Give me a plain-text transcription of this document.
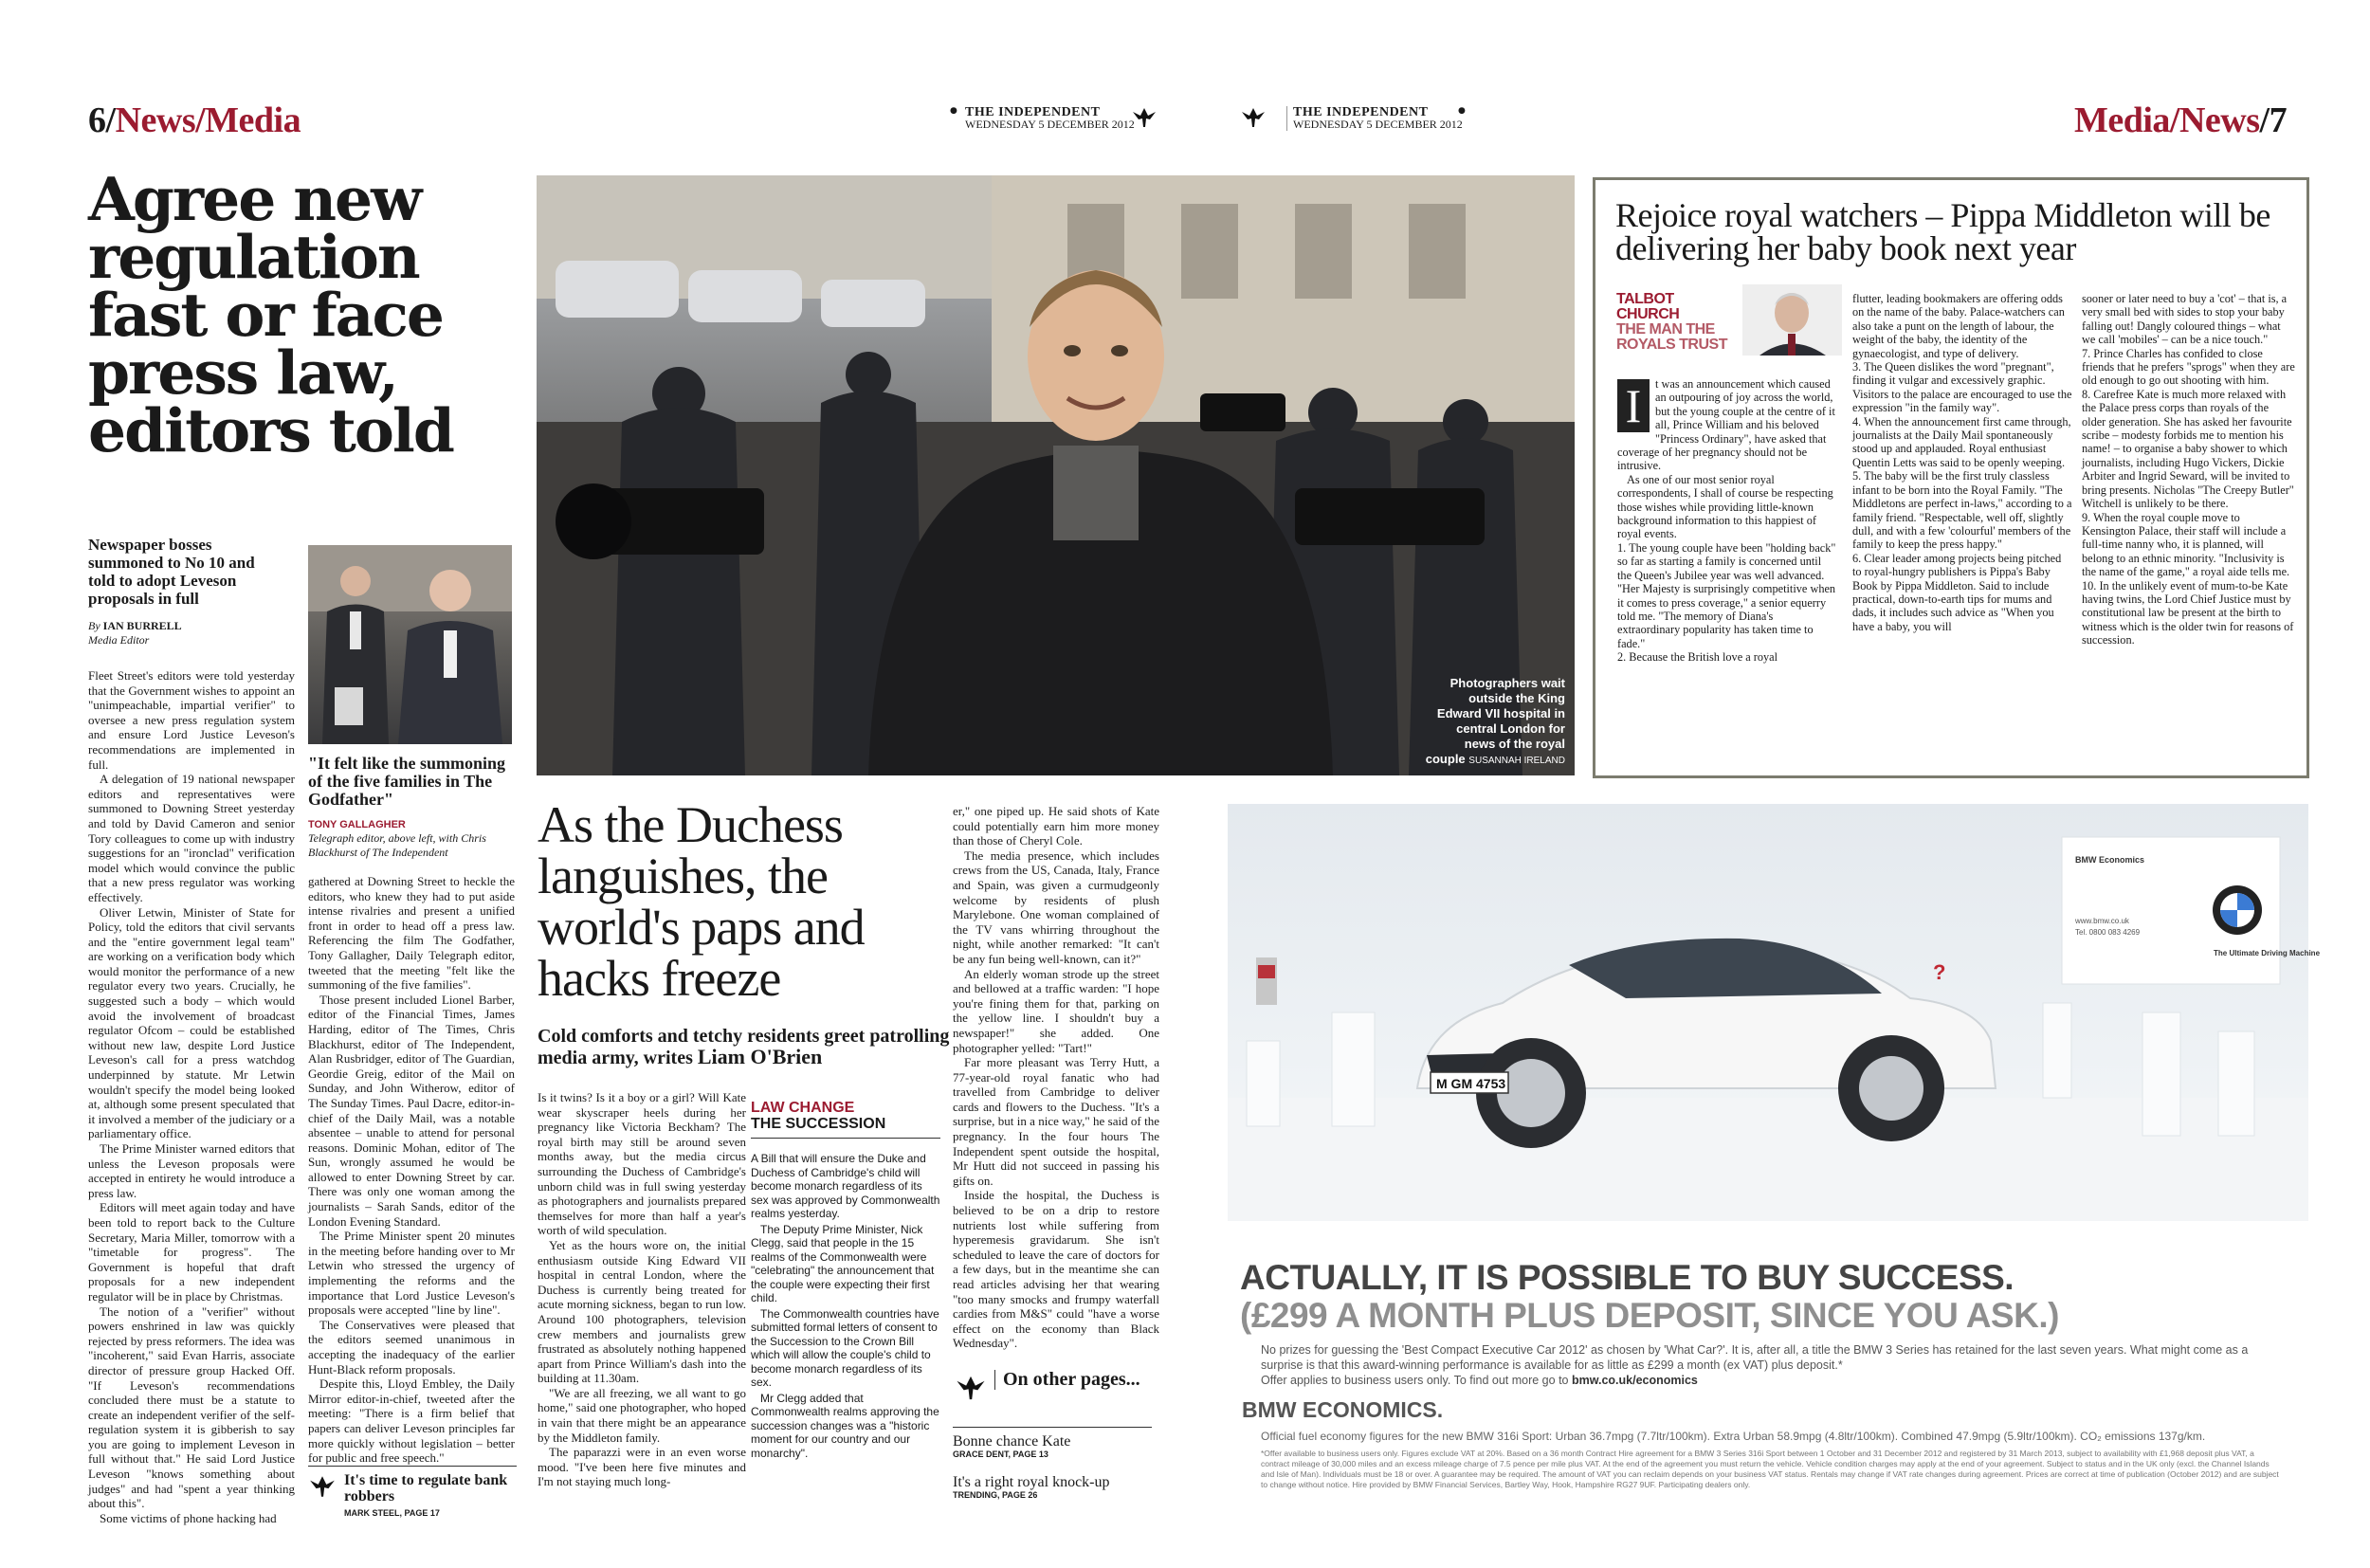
6/News/Media	Media/News/7
● THE INDEPENDENT
WEDNESDAY 5 DECEMBER 2012
THE INDEPENDENT
WEDNESDAY 5 DECEMBER 2012
●
Agree new regulation fast or face press law, editors told
Newspaper bosses summoned to No 10 and told to adopt Leveson proposals in full
By IAN BURRELL
Media Editor
"It felt like the summoning of the five families in The Godfather"
TONY GALLAGHER
Telegraph editor, above left, with Chris Blackhurst of The Independent

Fleet Street's editors were told yesterday that the Government wishes to appoint an "unimpeachable, impartial verifier" to oversee a new press regulation system and ensure Lord Justice Leveson's recommendations are implemented in full.

A delegation of 19 national newspaper editors and representatives were summoned to Downing Street yesterday and told by David Cameron and senior Tory colleagues to come up with industry suggestions for an "ironclad" verification model which would convince the public that a new press regulator was working effectively.

Oliver Letwin, Minister of State for Policy, told the editors that civil servants and the "entire government legal team" are working on a verification body which would monitor the performance of a new regulator every two years. Crucially, he suggested such a body – which would avoid the involvement of broadcast regulator Ofcom – could be established without new law, despite Lord Justice Leveson's call for a press watchdog underpinned by statute. Mr Letwin wouldn't specify the model being looked at, although some present speculated that it involved a member of the judiciary or a parliamentary office.

The Prime Minister warned editors that unless the Leveson proposals were accepted in entirety he would introduce a press law.

Editors will meet again today and have been told to report back to the Culture Secretary, Maria Miller, tomorrow with a "timetable for progress". The Government is hopeful that draft proposals for a new independent regulator will be in place by Christmas.

The notion of a "verifier" without powers enshrined in law was quickly rejected by press reformers. The idea was "incoherent," said Evan Harris, associate director of pressure group Hacked Off. "If Leveson's recommendations concluded there must be a statute to create an independent verifier of the self-regulation system it is gibberish to say you are going to implement Leveson in full without that." He said Lord Justice Leveson "knows something about judges" and had "spent a year thinking about this".

Some victims of phone hacking had

gathered at Downing Street to heckle the editors, who knew they had to put aside intense rivalries and present a unified front in order to head off a press law. Referencing the film The Godfather, Tony Gallagher, Daily Telegraph editor, tweeted that the meeting "felt like the summoning of the five families".

Those present included Lionel Barber, editor of the Financial Times, James Harding, editor of The Times, Chris Blackhurst, editor of The Independent, Alan Rusbridger, editor of The Guardian, Geordie Greig, editor of the Mail on Sunday, and John Witherow, editor of The Sunday Times. Paul Dacre, editor-in-chief of the Daily Mail, was a notable absentee – unable to attend for personal reasons. Dominic Mohan, editor of The Sun, wrongly assumed he would be allowed to enter Downing Street by car. There was only one woman among the journalists – Sarah Sands, editor of the London Evening Standard.

The Prime Minister spent 20 minutes in the meeting before handing over to Mr Letwin who stressed the urgency of implementing the reforms and the importance that Lord Justice Leveson's proposals were accepted "line by line".

The Conservatives were pleased that the editors seemed unanimous in accepting the inadequacy of the earlier Hunt-Black reform proposals.

Despite this, Lloyd Embley, the Daily Mirror editor-in-chief, tweeted after the meeting: "There is a firm belief that papers can deliver Leveson principles far more quickly without legislation – better for public and free speech."

It's time to regulate bank robbers
MARK STEEL, PAGE 17
Photographers wait outside the King Edward VII hospital in central London for news of the royal couple SUSANNAH IRELAND
As the Duchess languishes, the world's paps and hacks freeze
Cold comforts and tetchy residents greet patrolling media army, writes Liam O'Brien

Is it twins? Is it a boy or a girl? Will Kate wear skyscraper heels during her pregnancy like Victoria Beckham? The royal birth may still be around seven months away, but the media circus surrounding the Duchess of Cambridge's unborn child was in full swing yesterday as photographers and journalists prepared themselves for more than half a year's worth of wild speculation.

Yet as the hours wore on, the initial enthusiasm outside King Edward VII hospital in central London, where the Duchess is currently being treated for acute morning sickness, began to run low. Around 100 photographers, television crew members and journalists grew frustrated as absolutely nothing happened apart from Prince William's dash into the building at 11.30am.

"We are all freezing, we all want to go home," said one photographer, who hoped in vain that there might be an appearance by the Middleton family.

The paparazzi were in an even worse mood. "I've been here five minutes and I'm not staying much long-

LAW CHANGE
THE SUCCESSION

A Bill that will ensure the Duke and Duchess of Cambridge's child will become monarch regardless of its sex was approved by Commonwealth realms yesterday.

The Deputy Prime Minister, Nick Clegg, said that people in the 15 realms of the Commonwealth were "celebrating" the announcement that the couple were expecting their first child.

The Commonwealth countries have submitted formal letters of consent to the Succession to the Crown Bill which will allow the couple's child to become monarch regardless of its sex.

Mr Clegg added that Commonwealth realms approving the succession changes was a "historic moment for our country and our monarchy".

er," one piped up. He said shots of Kate could potentially earn him more money than those of Cheryl Cole.

The media presence, which includes crews from the US, Canada, Italy, France and Spain, was given a curmudgeonly welcome by residents of plush Marylebone. One woman complained of the TV vans whirring throughout the night, while another remarked: "It can't be any fun being well-known, can it?"

An elderly woman strode up the street and bellowed at a traffic warden: "I hope you're fining them for that, parking on the yellow line. I shouldn't buy a newspaper!" she added. One photographer yelled: "Tart!"

Far more pleasant was Terry Hutt, a 77-year-old royal fanatic who had travelled from Cambridge to deliver cards and flowers to the Duchess. "It's a surprise, but in a nice way," he said of the pregnancy. In the four hours The Independent spent outside the hospital, Mr Hutt did not succeed in passing his gifts on.

Inside the hospital, the Duchess is believed to be on a drip to restore nutrients lost while suffering from hyperemesis gravidarum. She isn't scheduled to leave the care of doctors for a few days, but in the meantime she can read articles advising her that wearing "too many smocks and frumpy waterfall cardies from M&S" could "have a worse effect on the economy than Black Wednesday".

On other pages...
Bonne chance Kate
GRACE DENT, PAGE 13
It's a right royal knock-up
TRENDING, PAGE 26
Rejoice royal watchers – Pippa Middleton will be delivering her baby book next year
TALBOT CHURCH
THE MAN THE ROYALS TRUST
I	t was an announcement which caused an outpouring of joy across the world, but the young couple at the centre of it all, Prince William and his beloved "Princess Ordinary", have asked that coverage of her pregnancy should not be intrusive.

As one of our most senior royal correspondents, I shall of course be respecting those wishes while providing little-known background information to this happiest of royal events.

1. The young couple have been "holding back" so far as starting a family is concerned until the Queen's Jubilee year was well advanced. "Her Majesty is surprisingly competitive when it comes to press coverage," a senior equerry told me. "The memory of Diana's extraordinary popularity has taken time to fade."

2. Because the British love a royal

flutter, leading bookmakers are offering odds on the name of the baby. Palace-watchers can also take a punt on the length of labour, the weight of the baby, the identity of the gynaecologist, and type of delivery.

3. The Queen dislikes the word "pregnant", finding it vulgar and excessively graphic. Visitors to the palace are encouraged to use the expression "in the family way".

4. When the announcement first came through, journalists at the Daily Mail spontaneously stood up and applauded. Royal enthusiast Quentin Letts was said to be openly weeping.

5. The baby will be the first truly classless infant to be born into the Royal Family. "The Middletons are perfect in-laws," according to a family friend. "Respectable, well off, slightly dull, and with a few 'colourful' members of the family to keep the press happy."

6. Clear leader among projects being pitched to royal-hungry publishers is Pippa's Baby Book by Pippa Middleton. Said to include practical, down-to-earth tips for mums and dads, it includes such advice as "When you have a baby, you will

sooner or later need to buy a 'cot' – that is, a very small bed with sides to stop your baby falling out! Dangly coloured things – what we call 'mobiles' – can be a nice touch."

7. Prince Charles has confided to close friends that he prefers "sprogs" when they are old enough to go out shooting with him.

8. Carefree Kate is much more relaxed with the Palace press corps than royals of the older generation. She has asked her favourite scribe – modesty forbids me to mention his name! – to organise a baby shower to which journalists, including Hugo Vickers, Dickie Arbiter and Ingrid Seward, will be invited to bring presents. Nicholas "The Creepy Butler" Witchell is unlikely to be there.

9. When the royal couple move to Kensington Palace, their staff will include a full-time nanny who, it is planned, will belong to an ethnic minority. "Inclusivity is the name of the game," a royal aide tells me.

10. In the unlikely event of mum-to-be Kate having twins, the Lord Chief Justice must by constitutional law be present at the birth to witness which is the older twin for reasons of succession.

?
M GM 4753
BMW Economics
www.bmw.co.uk
Tel. 0800 083 4269
The Ultimate Driving Machine
ACTUALLY, IT IS POSSIBLE TO BUY SUCCESS.
(£299 A MONTH PLUS DEPOSIT, SINCE YOU ASK.)
No prizes for guessing the 'Best Compact Executive Car 2012' as chosen by 'What Car?'. It is, after all, a title the BMW 3 Series has retained for the last seven years. What might come as a surprise is that this award-winning performance is available for as little as £299 a month (ex VAT) plus deposit.*
Offer applies to business users only. To find out more go to bmw.co.uk/economics
BMW ECONOMICS.
Official fuel economy figures for the new BMW 316i Sport: Urban 36.7mpg (7.7ltr/100km). Extra Urban 58.9mpg (4.8ltr/100km). Combined 47.9mpg (5.9ltr/100km). CO₂ emissions 137g/km.
*Offer available to business users only. Figures exclude VAT at 20%. Based on a 36 month Contract Hire agreement for a BMW 3 Series 316i Sport between 1 October and 31 December 2012 and registered by 31 March 2013, subject to availability with £1,968 deposit plus VAT, a contract mileage of 30,000 miles and an excess mileage charge of 7.5 pence per mile plus VAT. At the end of the agreement you must return the vehicle. Vehicle condition charges may apply at the end of your agreement. Subject to status and in the UK only (excl. the Channel Islands and Isle of Man). Individuals must be 18 or over. A guarantee may be required. The amount of VAT you can reclaim depends on your business VAT status. Rentals may change if VAT rate changes during agreement. Prices are correct at time of publication (October 2012) and are subject to change without notice. Hire provided by BMW Financial Services, Bartley Way, Hook, Hampshire RG27 9UF. Participating dealers only.
